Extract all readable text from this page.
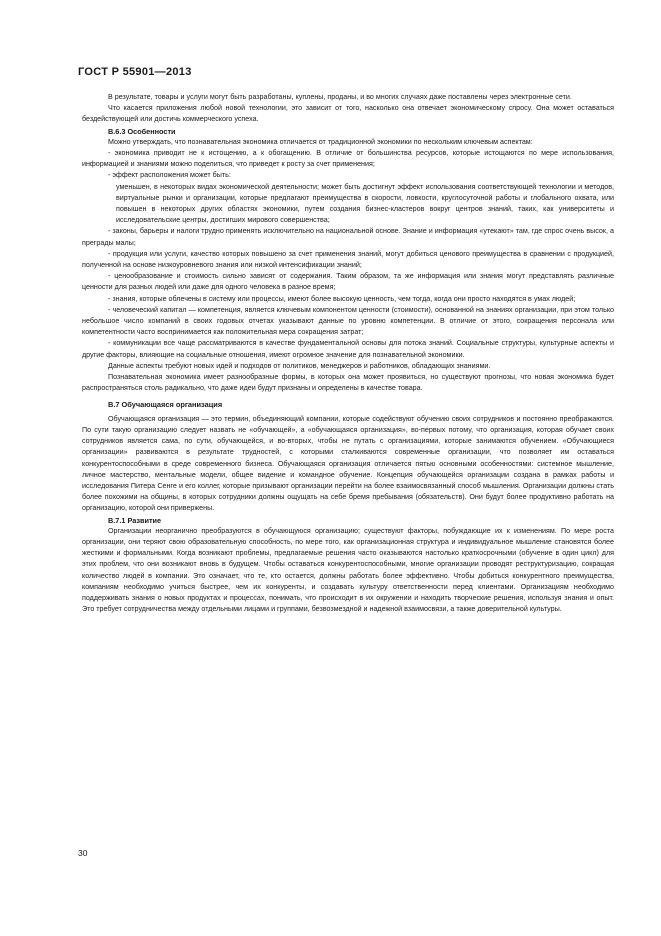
ГОСТ Р 55901—2013

В результате, товары и услуги могут быть разработаны, куплены, проданы, и во многих случаях даже поставлены через электронные сети.

Что касается приложения любой новой технологии, это зависит от того, насколько она отвечает экономическому спросу. Она может оставаться бездействующей или достичь коммерческого успеха.

В.6.3 Особенности

Можно утверждать, что познавательная экономика отличается от традиционной экономики по нескольким ключевым аспектам:

- экономика приводит не к истощению, а к обогащению. В отличие от большинства ресурсов, которые истощаются по мере использования, информацией и знаниями можно поделиться, что приведет к росту за счет применения;

- эффект расположения может быть:

уменьшен, в некоторых видах экономической деятельности; может быть достигнут эффект использования соответствующей технологии и методов, виртуальные рынки и организации, которые предлагают преимущества в скорости, ловкости, круглосуточной работы и глобального охвата, или повышен в некоторых других областях экономики, путем создания бизнес-кластеров вокруг центров знаний, таких, как университеты и исследовательские центры, достигших мирового совершенства;

- законы, барьеры и налоги трудно применять исключительно на национальной основе. Знание и информация «утекают» там, где спрос очень высок, а преграды малы;

- продукция или услуги, качество которых повышено за счет применения знаний, могут добиться ценового преимущества в сравнении с продукцией, полученной на основе низкоуровневого знания или низкой интенсификации знаний;

- ценообразование и стоимость сильно зависят от содержания. Таким образом, та же информация или знания могут представлять различные ценности для разных людей или даже для одного человека в разное время;

- знания, которые облечены в систему или процессы, имеют более высокую ценность, чем тогда, когда они просто находятся в умах людей;

- человеческий капитал — компетенция, является ключевым компонентом ценности (стоимости), основанной на знаниях организации, при этом только небольшое число компаний в своих годовых отчетах указывают данные по уровню компетенции. В отличие от этого, сокращения персонала или компетентности часто воспринимается как положительная мера сокращения затрат;

- коммуникации все чаще рассматриваются в качестве фундаментальной основы для потока знаний. Социальные структуры, культурные аспекты и другие факторы, влияющие на социальные отношения, имеют огромное значение для познавательной экономики.

Данные аспекты требуют новых идей и подходов от политиков, менеджеров и работников, обладающих знаниями.

Познавательная экономика имеет разнообразные формы, в которых она может проявиться, но существуют прогнозы, что новая экономика будет распространяться столь радикально, что даже идеи будут признаны и определены в качестве товара.

В.7 Обучающаяся организация

Обучающаяся организация — это термин, объединяющий компании, которые содействуют обучению своих сотрудников и постоянно преображаются. По сути такую организацию следует назвать не «обучающей», а «обучающаяся организация», во-первых потому, что организация, которая обучает своих сотрудников является сама, по сути, обучающейся, и во-вторых, чтобы не путать с организациями, которые занимаются обучением. «Обучающиеся организации» развиваются в результате трудностей, с которыми сталкиваются современные организации, что позволяет им оставаться конкурентоспособными в среде современного бизнеса. Обучающаяся организация отличается пятью основными особенностями: системное мышление, личное мастерство, ментальные модели, общее видение и командное обучение. Концепция обучающейся организации создана в рамках работы и исследования Питера Сенге и его коллег, которые призывают организации перейти на более взаимосвязанный способ мышления. Организации должны стать более похожими на общины, в которых сотрудники должны ощущать на себе бремя пребывания (обязательств). Они будут более продуктивно работать на организацию, которой они привержены.

В.7.1 Развитие

Организации неорганично преобразуются в обучающуюся организацию; существуют факторы, побуждающие их к изменениям. По мере роста организации, они теряют свою образовательную способность, по мере того, как организационная структура и индивидуальное мышление становятся более жесткими и формальными. Когда возникают проблемы, предлагаемые решения часто оказываются настолько краткосрочными (обучение в один цикл) для этих проблем, что они возникают вновь в будущем. Чтобы оставаться конкурентоспособными, многие организации проводят реструктуризацию, сокращая количество людей в компании. Это означает, что те, кто остается, должны работать более эффективно. Чтобы добиться конкурентного преимущества, компаниям необходимо учиться быстрее, чем их конкуренты, и создавать культуру ответственности перед клиентами. Организациям необходимо поддерживать знания о новых продуктах и процессах, понимать, что происходит в их окружении и находить творческие решения, используя знания и опыт. Это требует сотрудничества между отдельными лицами и группами, безвозмездной и надежной взаимосвязи, а также доверительной культуры.

30
